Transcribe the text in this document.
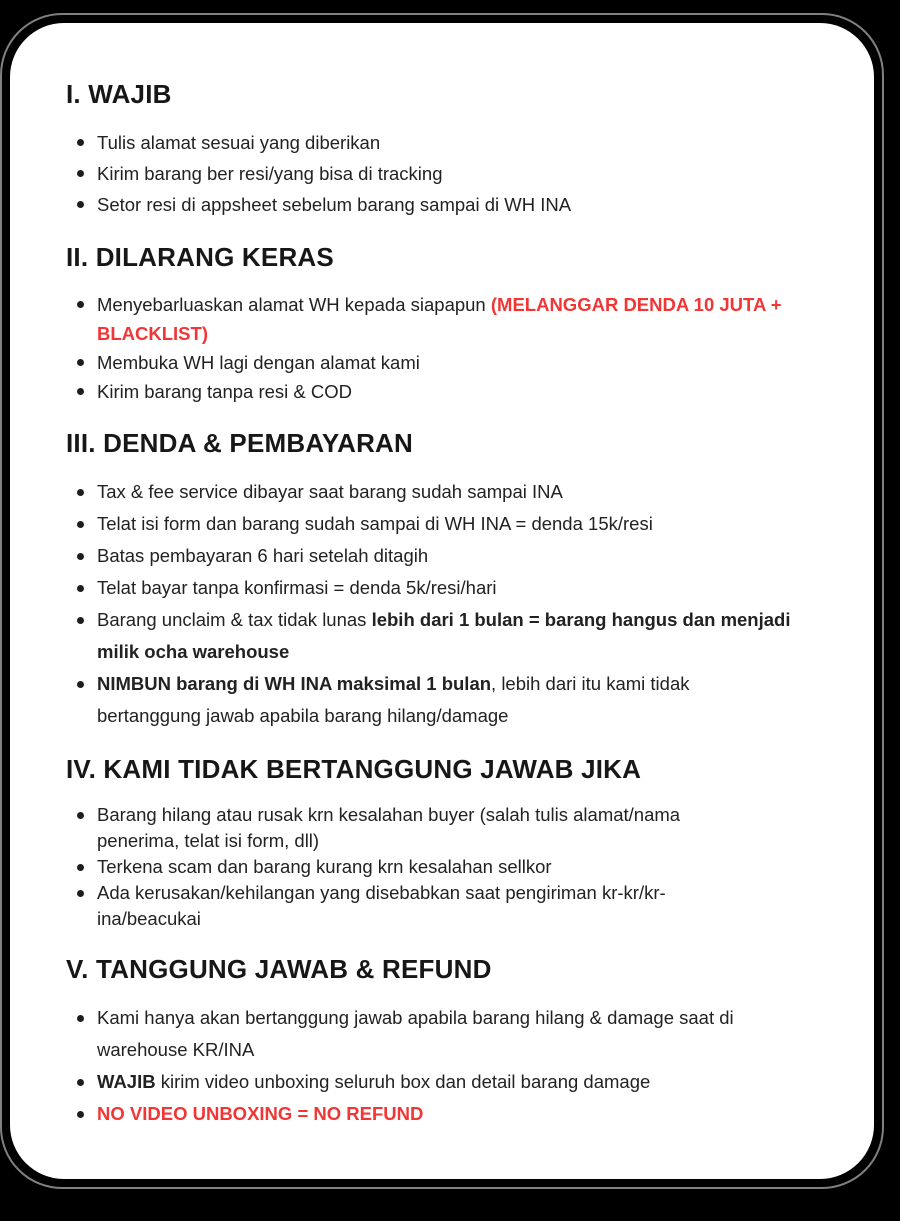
I. WAJIB
Tulis alamat sesuai yang diberikan
Kirim barang ber resi/yang bisa di tracking
Setor resi di appsheet sebelum barang sampai di WH INA
II. DILARANG KERAS
Menyebarluaskan alamat WH kepada siapapun (MELANGGAR DENDA 10 JUTA +
BLACKLIST)
Membuka WH lagi dengan alamat kami
Kirim barang tanpa resi & COD
III. DENDA & PEMBAYARAN
Tax & fee service dibayar saat barang sudah sampai INA
Telat isi form dan barang sudah sampai di WH INA = denda 15k/resi
Batas pembayaran 6 hari setelah ditagih
Telat bayar tanpa konfirmasi = denda 5k/resi/hari
Barang unclaim & tax tidak lunas lebih dari 1 bulan = barang hangus dan menjadi
milik ocha warehouse
NIMBUN barang di WH INA maksimal 1 bulan, lebih dari itu kami tidak
bertanggung jawab apabila barang hilang/damage
IV. KAMI TIDAK BERTANGGUNG JAWAB JIKA
Barang hilang atau rusak krn kesalahan buyer (salah tulis alamat/nama
penerima, telat isi form, dll)
Terkena scam dan barang kurang krn kesalahan sellkor
Ada kerusakan/kehilangan yang disebabkan saat pengiriman kr-kr/kr-
ina/beacukai
V. TANGGUNG JAWAB & REFUND
Kami hanya akan bertanggung jawab apabila barang hilang & damage saat di
warehouse KR/INA
WAJIB kirim video unboxing seluruh box dan detail barang damage
NO VIDEO UNBOXING = NO REFUND
